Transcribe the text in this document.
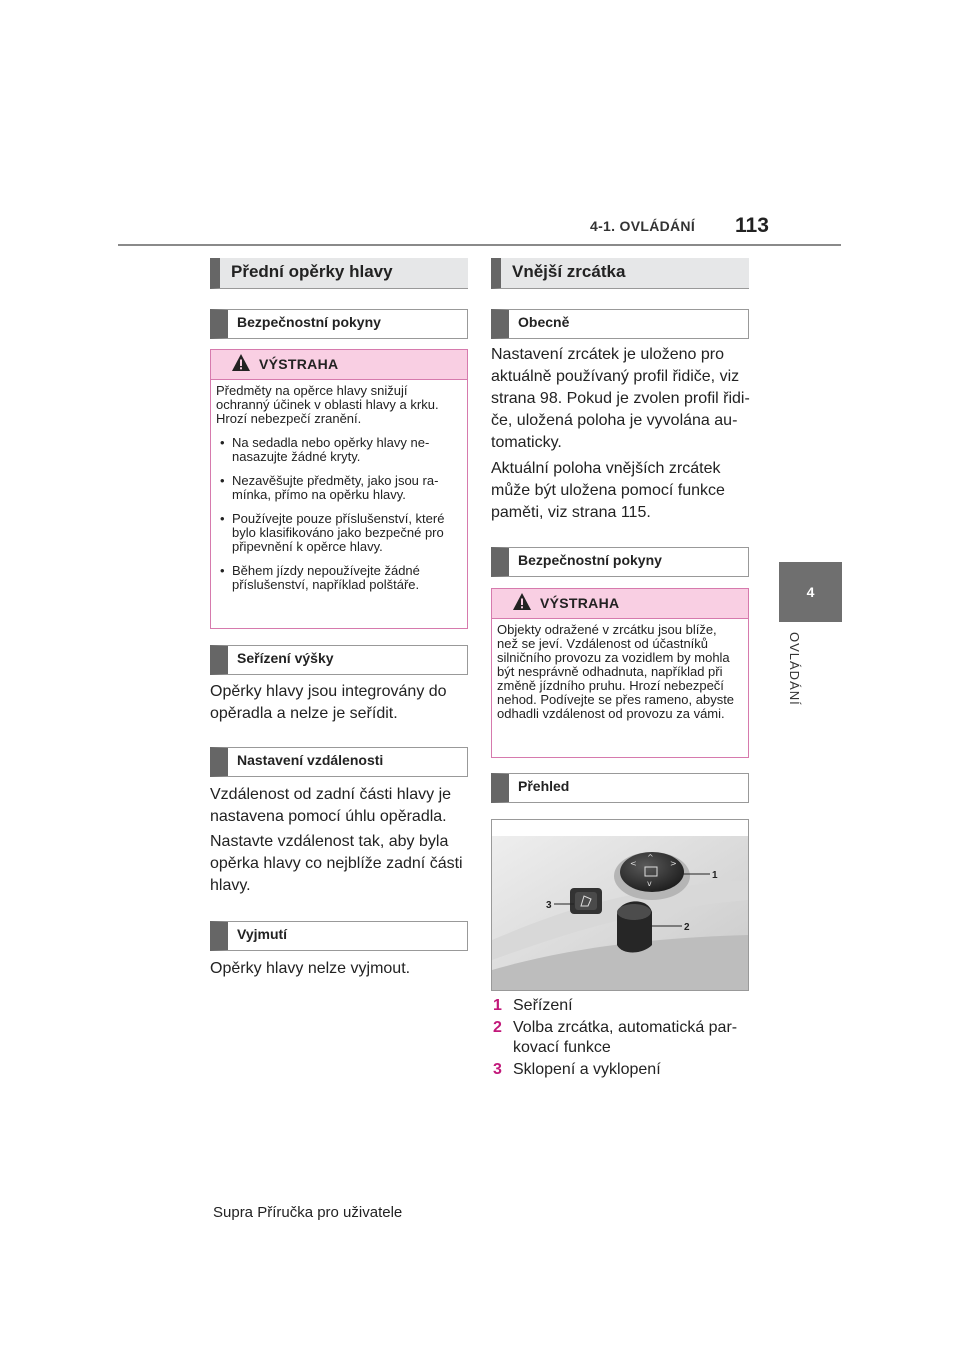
4-1. OVLÁDÁNÍ 113
4
OVLÁDÁNÍ
Přední opěrky hlavy
Bezpečnostní pokyny
VÝSTRAHA

Předměty na opěrce hlavy snižují ochranný účinek v oblasti hlavy a krku. Hrozí nebezpečí zranění.

• Na sedadla nebo opěrky hlavy nenasazujte žádné kryty.
• Nezavěšujte předměty, jako jsou ramínka, přímo na opěrku hlavy.
• Používejte pouze příslušenství, které bylo klasifikováno jako bezpečné pro připevnění k opěrce hlavy.
• Během jízdy nepoužívejte žádné příslušenství, například polštáře.
Seřízení výšky

Opěrky hlavy jsou integrovány do opěradla a nelze je seřídit.

Nastavení vzdálenosti

Vzdálenost od zadní části hlavy je nastavena pomocí úhlu opěradla.

Nastavte vzdálenost tak, aby byla opěrka hlavy co nejblíže zadní části hlavy.

Vyjmutí

Opěrky hlavy nelze vyjmout.

Vnější zrcátka
Obecně

Nastavení zrcátek je uloženo pro aktuálně používaný profil řidiče, viz strana 98. Pokud je zvolen profil řidiče, uložená poloha je vyvolána automaticky.

Aktuální poloha vnějších zrcátek může být uložena pomocí funkce paměti, viz strana 115.

Bezpečnostní pokyny
VÝSTRAHA

Objekty odražené v zrcátku jsou blíže, než se jeví. Vzdálenost od účastníků silničního provozu za vozidlem by mohla být nesprávně odhadnuta, například při změně jízdního pruhu. Hrozí nebezpečí nehod. Podívejte se přes rameno, abyste odhadli vzdálenost od provozu za vámi.

Přehled
<	>
^
v
1
2
3
1 Seřízení
2 Volba zrcátka, automatická parkovací funkce
3 Sklopení a vyklopení
Supra Příručka pro uživatele
